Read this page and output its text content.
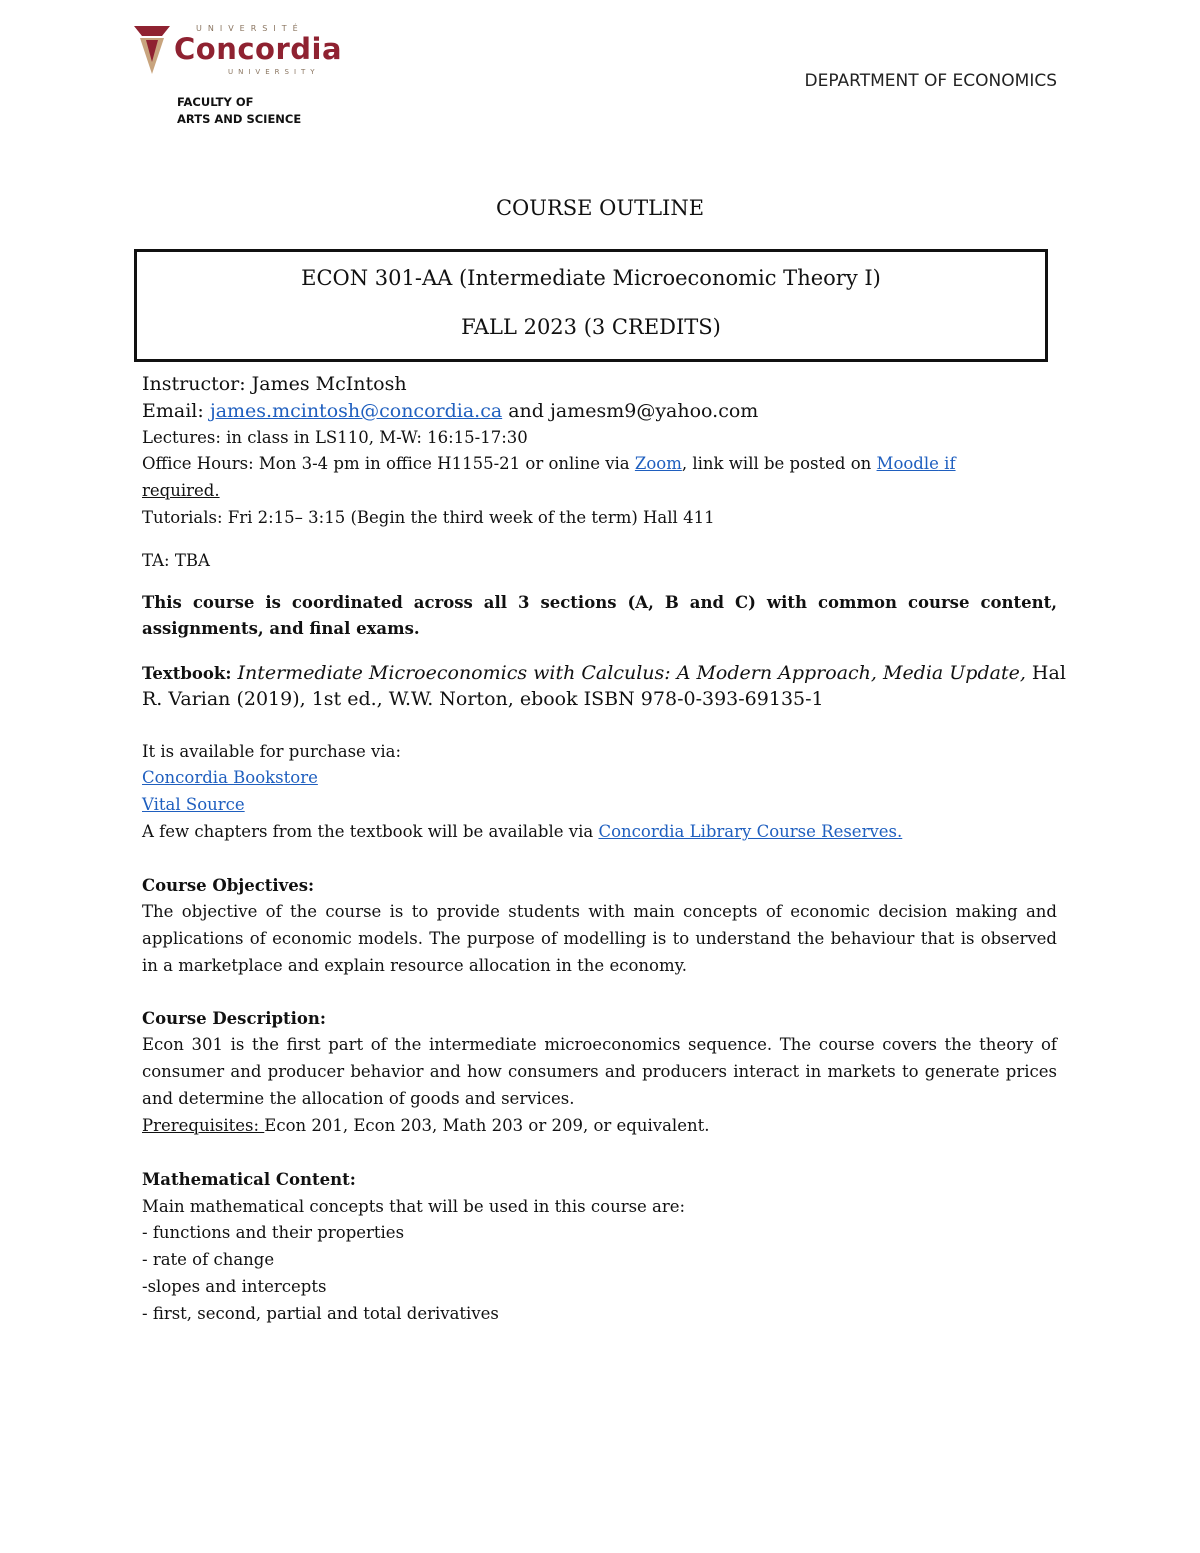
UNIVERSITÉ
Concordia
UNIVERSITY
FACULTY OF
ARTS AND SCIENCE
DEPARTMENT OF ECONOMICS
COURSE OUTLINE
ECON 301-AA (Intermediate Microeconomic Theory I)
FALL 2023 (3 CREDITS)
Instructor: James McIntosh
Email: james.mcintosh@concordia.ca and jamesm9@yahoo.com
Lectures: in class in LS110, M-W: 16:15-17:30
Office Hours: Mon 3-4 pm in office H1155-21 or online via Zoom, link will be posted on Moodle if
required.
Tutorials: Fri 2:15– 3:15 (Begin the third week of the term) Hall 411
TA: TBA
This course is coordinated across all 3 sections (A, B and C) with common course content, assignments, and final exams.
Textbook: Intermediate Microeconomics with Calculus: A Modern Approach, Media Update, Hal
R. Varian (2019), 1st ed., W.W. Norton, ebook ISBN 978-0-393-69135-1
It is available for purchase via:
Concordia Bookstore
Vital Source
A few chapters from the textbook will be available via Concordia Library Course Reserves.
Course Objectives:
The objective of the course is to provide students with main concepts of economic decision making and applications of economic models. The purpose of modelling is to understand the behaviour that is observed in a marketplace and explain resource allocation in the economy.
Course Description:
Econ 301 is the first part of the intermediate microeconomics sequence. The course covers the theory of consumer and producer behavior and how consumers and producers interact in markets to generate prices and determine the allocation of goods and services.
Prerequisites: Econ 201, Econ 203, Math 203 or 209, or equivalent.
Mathematical Content:
Main mathematical concepts that will be used in this course are:
- functions and their properties
- rate of change
-slopes and intercepts
- first, second, partial and total derivatives
